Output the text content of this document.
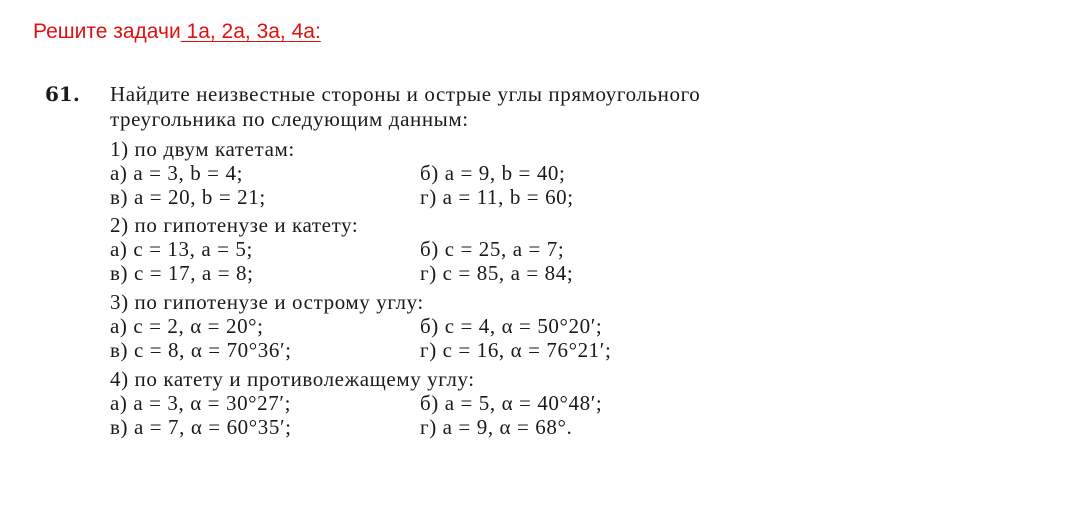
Решите задачи 1а, 2а, 3а, 4а:
61. Найдите неизвестные стороны и острые углы прямоугольного
треугольника по следующим данным:
1) по двум катетам:
а) a = 3, b = 4;	б) a = 9, b = 40;
в) a = 20, b = 21;	г) a = 11, b = 60;
2) по гипотенузе и катету:
а) c = 13, a = 5;	б) c = 25, a = 7;
в) c = 17, a = 8;	г) c = 85, a = 84;
3) по гипотенузе и острому углу:
а) c = 2, α = 20°;	б) c = 4, α = 50°20′;
в) c = 8, α = 70°36′;	г) c = 16, α = 76°21′;
4) по катету и противолежащему углу:
а) a = 3, α = 30°27′;	б) a = 5, α = 40°48′;
в) a = 7, α = 60°35′;	г) a = 9, α = 68°.
